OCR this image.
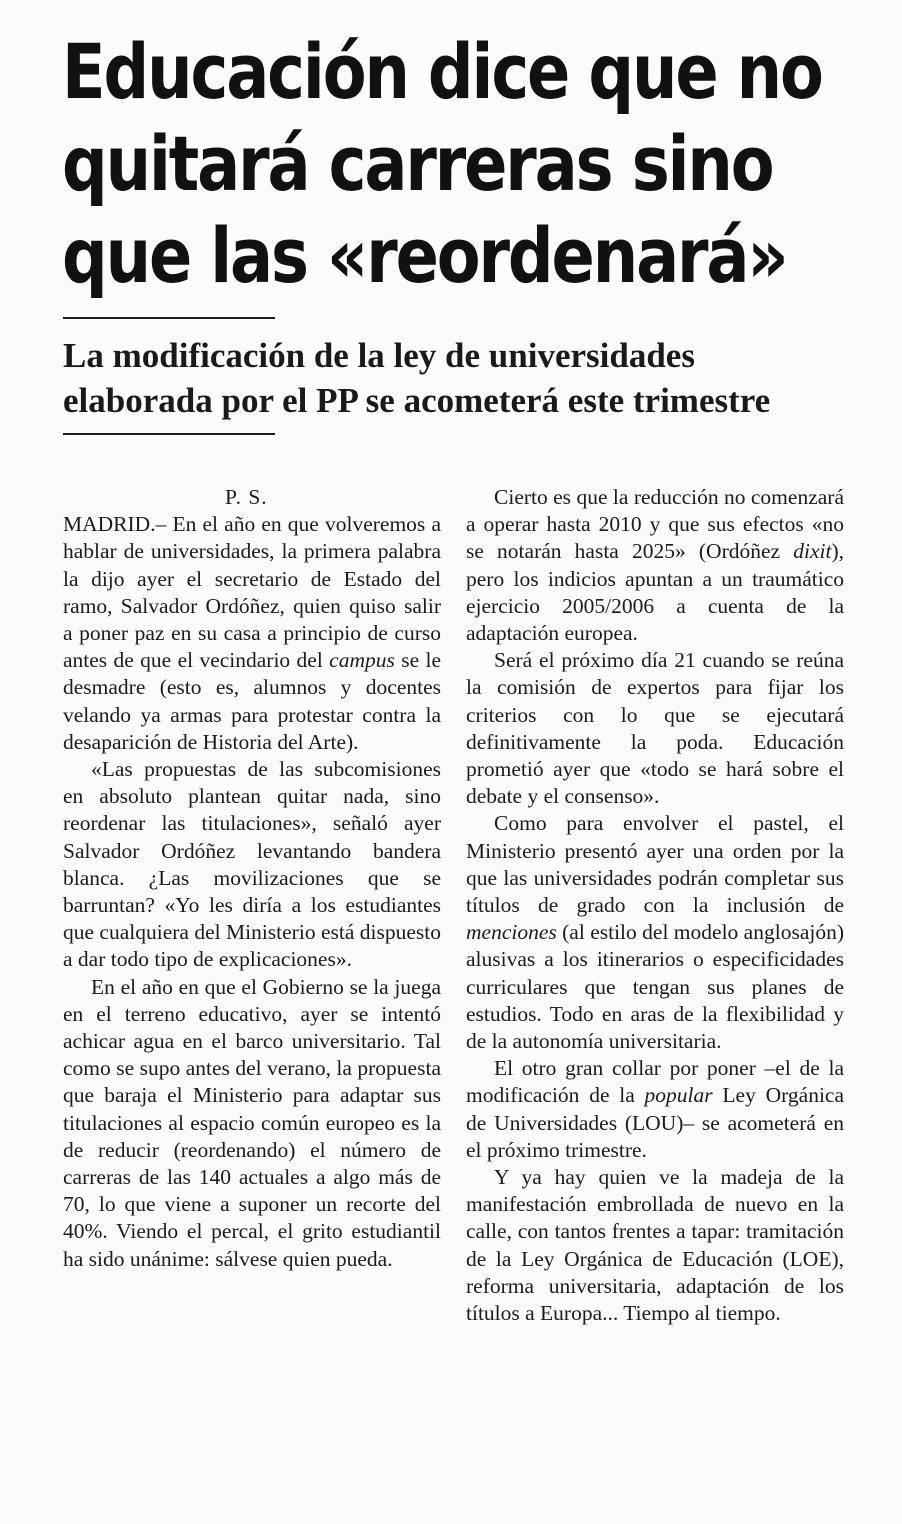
Educación dice que no
quitará carreras sino
que las «reordenará»
La modificación de la ley de universidades
elaborada por el PP se acometerá este trimestre
P. S.

MADRID.– En el año en que volveremos a hablar de universidades, la primera palabra la dijo ayer el secretario de Estado del ramo, Salvador Ordóñez, quien quiso salir a poner paz en su casa a principio de curso antes de que el vecindario del campus se le desmadre (esto es, alumnos y docentes velando ya armas para protestar contra la desaparición de Historia del Arte).

«Las propuestas de las subcomisiones en absoluto plantean quitar nada, sino reordenar las titulaciones», señaló ayer Salvador Ordóñez levantando bandera blanca. ¿Las movilizaciones que se barruntan? «Yo les diría a los estudiantes que cualquiera del Ministerio está dispuesto a dar todo tipo de explicaciones».

En el año en que el Gobierno se la juega en el terreno educativo, ayer se intentó achicar agua en el barco universitario. Tal como se supo antes del verano, la propuesta que baraja el Ministerio para adaptar sus titulaciones al espacio común europeo es la de reducir (reordenando) el número de carreras de las 140 actuales a algo más de 70, lo que viene a suponer un recorte del 40%. Viendo el percal, el grito estudiantil ha sido unánime: sálvese quien pueda.

Cierto es que la reducción no comenzará a operar hasta 2010 y que sus efectos «no se notarán hasta 2025» (Ordóñez dixit), pero los indicios apuntan a un traumático ejercicio 2005/2006 a cuenta de la adaptación europea.

Será el próximo día 21 cuando se reúna la comisión de expertos para fijar los criterios con lo que se ejecutará definitivamente la poda. Educación prometió ayer que «todo se hará sobre el debate y el consenso».

Como para envolver el pastel, el Ministerio presentó ayer una orden por la que las universidades podrán completar sus títulos de grado con la inclusión de menciones (al estilo del modelo anglosajón) alusivas a los itinerarios o especificidades curriculares que tengan sus planes de estudios. Todo en aras de la flexibilidad y de la autonomía universitaria.

El otro gran collar por poner –el de la modificación de la popular Ley Orgánica de Universidades (LOU)– se acometerá en el próximo trimestre.

Y ya hay quien ve la madeja de la manifestación embrollada de nuevo en la calle, con tantos frentes a tapar: tramitación de la Ley Orgánica de Educación (LOE), reforma universitaria, adaptación de los títulos a Europa... Tiempo al tiempo.
